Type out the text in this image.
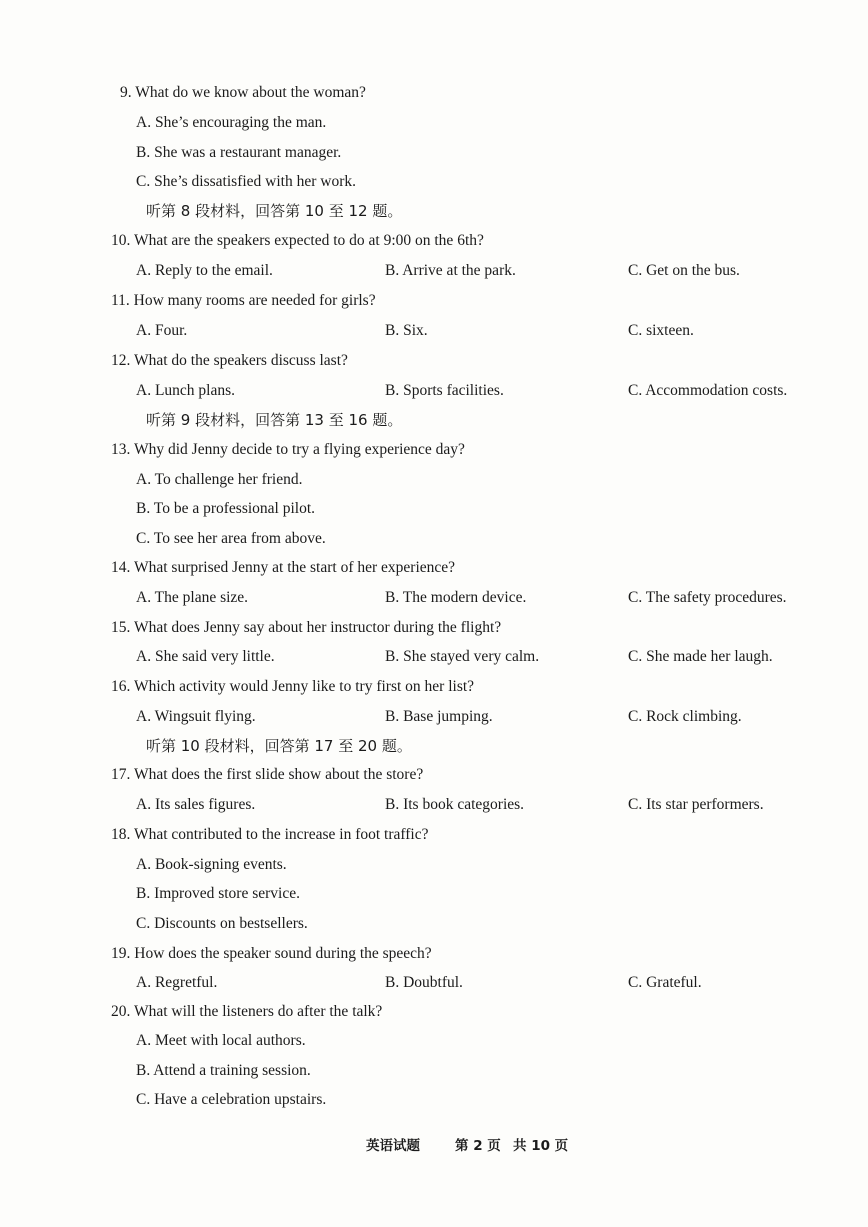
9. What do we know about the woman?
A. She’s encouraging the man.
B. She was a restaurant manager.
C. She’s dissatisfied with her work.
听第 8 段材料，回答第 10 至 12 题。
10. What are the speakers expected to do at 9:00 on the 6th?
A. Reply to the email.	B. Arrive at the park.	C. Get on the bus.
11. How many rooms are needed for girls?
A. Four.	B. Six.	C. sixteen.
12. What do the speakers discuss last?
A. Lunch plans.	B. Sports facilities.	C. Accommodation costs.
听第 9 段材料，回答第 13 至 16 题。
13. Why did Jenny decide to try a flying experience day?
A. To challenge her friend.
B. To be a professional pilot.
C. To see her area from above.
14. What surprised Jenny at the start of her experience?
A. The plane size.	B. The modern device.	C. The safety procedures.
15. What does Jenny say about her instructor during the flight?
A. She said very little.	B. She stayed very calm.	C. She made her laugh.
16. Which activity would Jenny like to try first on her list?
A. Wingsuit flying.	B. Base jumping.	C. Rock climbing.
听第 10 段材料，回答第 17 至 20 题。
17. What does the first slide show about the store?
A. Its sales figures.	B. Its book categories.	C. Its star performers.
18. What contributed to the increase in foot traffic?
A. Book-signing events.
B. Improved store service.
C. Discounts on bestsellers.
19. How does the speaker sound during the speech?
A. Regretful.	B. Doubtful.	C. Grateful.
20. What will the listeners do after the talk?
A. Meet with local authors.
B. Attend a training session.
C. Have a celebration upstairs.
英语试题	第 2 页 共 10 页
